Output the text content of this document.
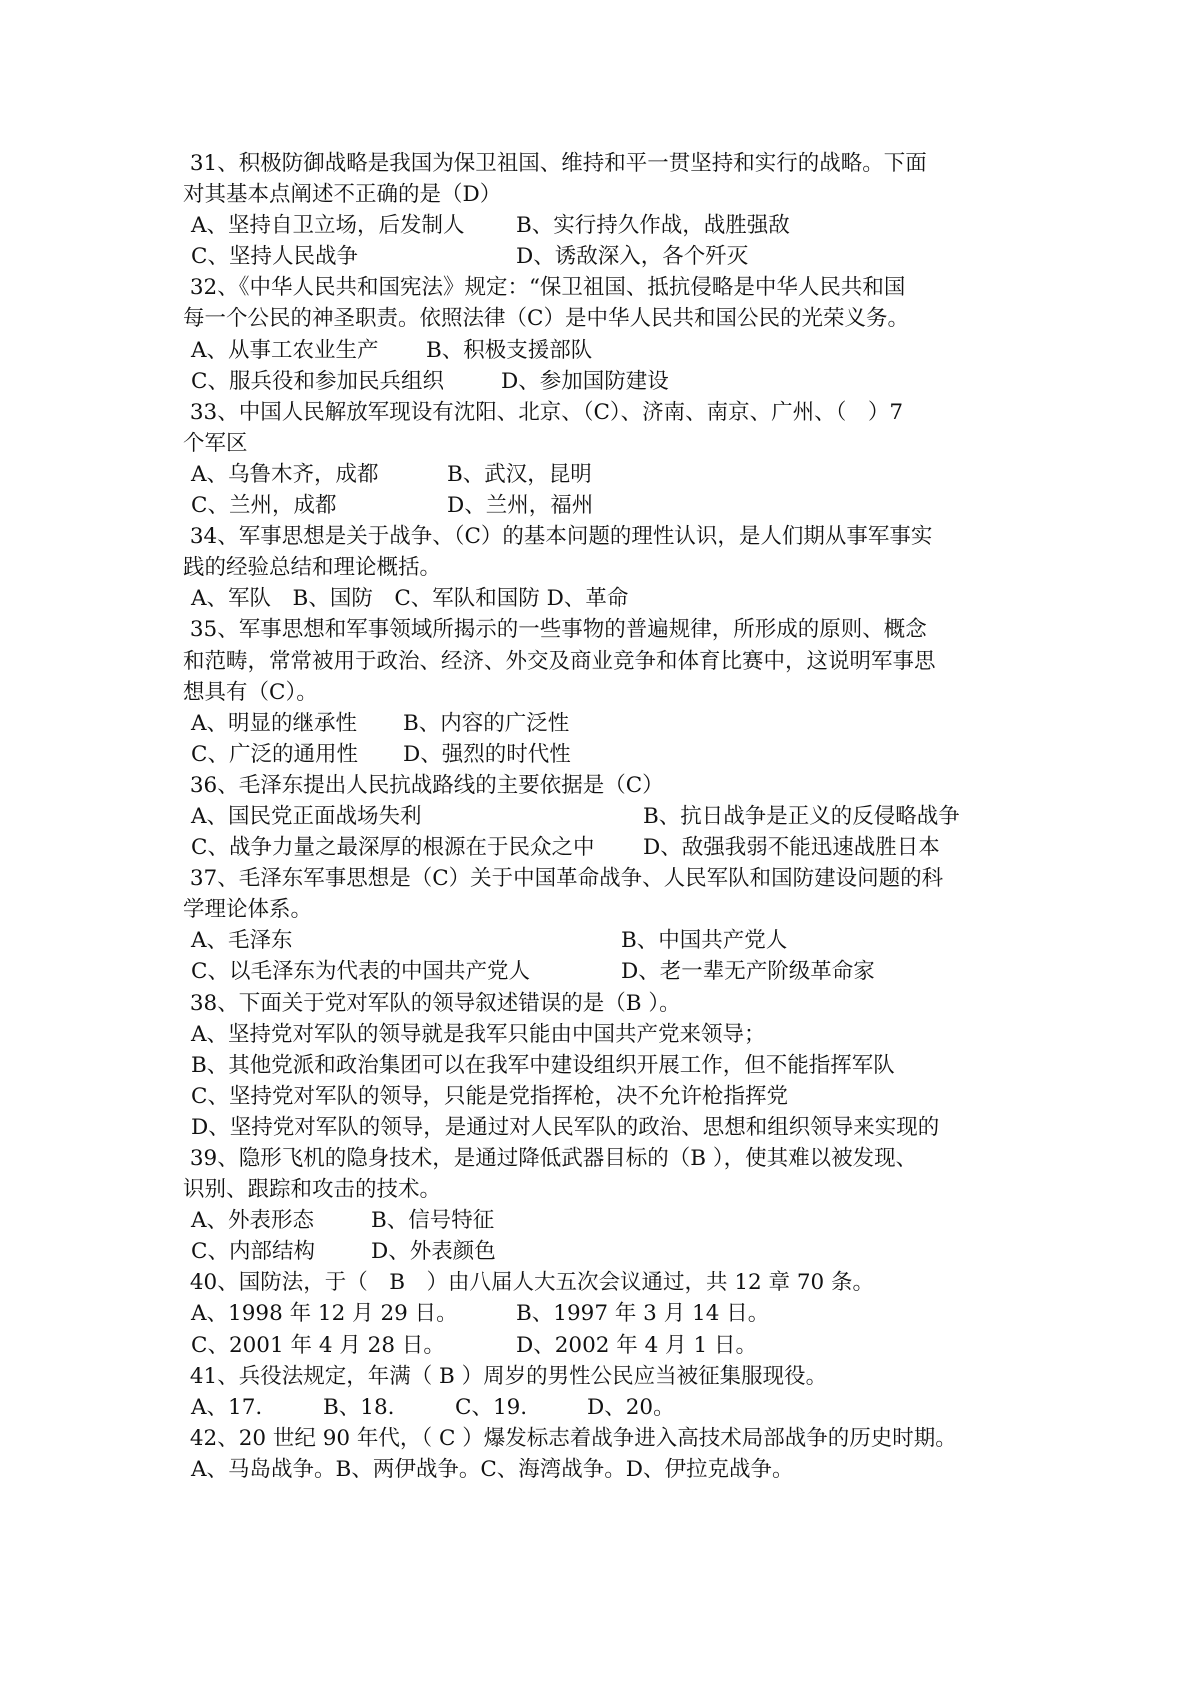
31、积极防御战略是我国为保卫祖国、维持和平一贯坚持和实行的战略。下面
对其基本点阐述不正确的是（D）
A、坚持自卫立场，后发制人	B、实行持久作战，战胜强敌
C、坚持人民战争	D、诱敌深入，各个歼灭
32、《中华人民共和国宪法》规定：“保卫祖国、抵抗侵略是中华人民共和国
每一个公民的神圣职责。依照法律（C）是中华人民共和国公民的光荣义务。
A、从事工农业生产	B、积极支援部队
C、服兵役和参加民兵组织	D、参加国防建设
33、中国人民解放军现设有沈阳、北京、（C）、济南、南京、广州、（　）7
个军区
A、乌鲁木齐，成都	B、武汉，昆明
C、兰州，成都	D、兰州，福州
34、军事思想是关于战争、（C）的基本问题的理性认识，是人们期从事军事实
践的经验总结和理论概括。
A、军队　B、国防　C、军队和国防 D、革命
35、军事思想和军事领域所揭示的一些事物的普遍规律，所形成的原则、概念
和范畴，常常被用于政治、经济、外交及商业竞争和体育比赛中，这说明军事思
想具有（C）。
A、明显的继承性	B、内容的广泛性
C、广泛的通用性	D、强烈的时代性
36、毛泽东提出人民抗战路线的主要依据是（C）
A、国民党正面战场失利	B、抗日战争是正义的反侵略战争
C、战争力量之最深厚的根源在于民众之中	D、敌强我弱不能迅速战胜日本
37、毛泽东军事思想是（C）关于中国革命战争、人民军队和国防建设问题的科
学理论体系。
A、毛泽东	B、中国共产党人
C、以毛泽东为代表的中国共产党人	D、老一辈无产阶级革命家
38、下面关于党对军队的领导叙述错误的是（B ）。
A、坚持党对军队的领导就是我军只能由中国共产党来领导；
B、其他党派和政治集团可以在我军中建设组织开展工作，但不能指挥军队
C、坚持党对军队的领导，只能是党指挥枪，决不允许枪指挥党
D、坚持党对军队的领导，是通过对人民军队的政治、思想和组织领导来实现的
39、隐形飞机的隐身技术，是通过降低武器目标的（B ），使其难以被发现、
识别、跟踪和攻击的技术。
A、外表形态	B、信号特征
C、内部结构	D、外表颜色
40、国防法，于（　B　）由八届人大五次会议通过，共 12 章 70 条。
A、1998 年 12 月 29 日。	B、1997 年 3 月 14 日。
C、2001 年 4 月 28 日。	D、2002 年 4 月 1 日。
41、兵役法规定，年满（ B ）周岁的男性公民应当被征集服现役。
A、17.	B、18.	C、19.	D、20。
42、20 世纪 90 年代，（ C ）爆发标志着战争进入高技术局部战争的历史时期。
A、马岛战争。B、两伊战争。C、海湾战争。D、伊拉克战争。
